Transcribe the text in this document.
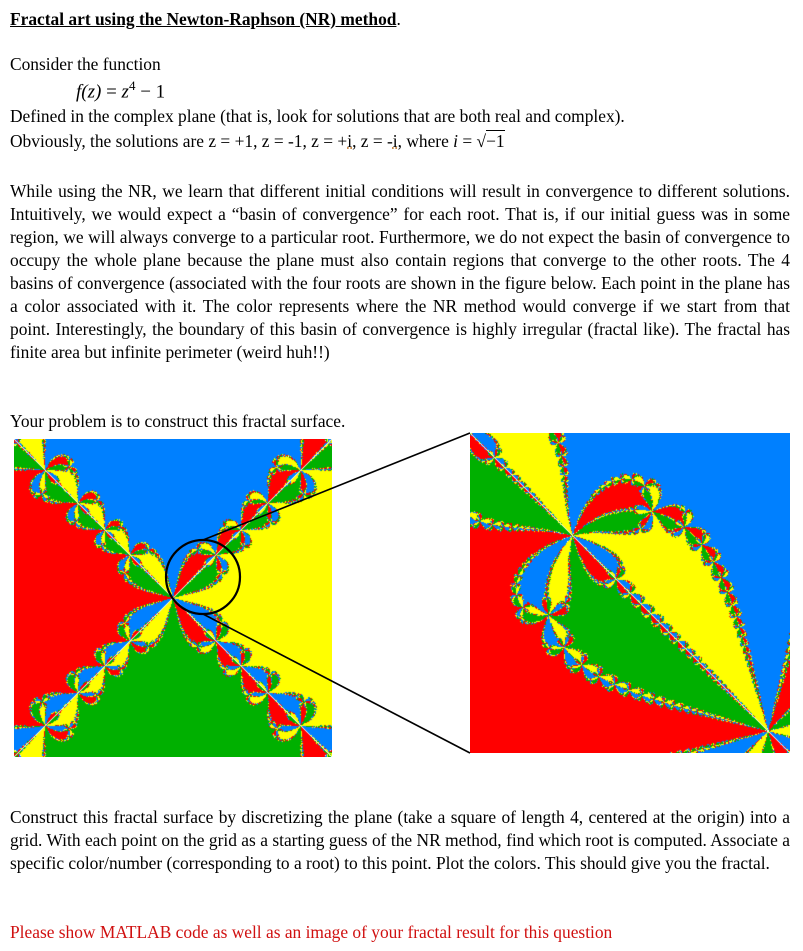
Fractal art using the Newton-Raphson (NR) method.

Consider the function

$f(z) = z^4 - 1$

Defined in the complex plane (that is, look for solutions that are both real and complex).

Obviously, the solutions are z = +1, z = -1, z = +i, z = -i, where i = √−1

While using the NR, we learn that different initial conditions will result in convergence to different solutions. Intuitively, we would expect a “basin of convergence” for each root. That is, if our initial guess was in some region, we will always converge to a particular root. Furthermore, we do not expect the basin of convergence to occupy the whole plane because the plane must also contain regions that converge to the other roots. The 4 basins of convergence (associated with the four roots are shown in the figure below. Each point in the plane has a color associated with it. The color represents where the NR method would converge if we start from that point. Interestingly, the boundary of this basin of convergence is highly irregular (fractal like). The fractal has finite area but infinite perimeter (weird huh!!)

Your problem is to construct this fractal surface.

Construct this fractal surface by discretizing the plane (take a square of length 4, centered at the origin) into a grid. With each point on the grid as a starting guess of the NR method, find which root is computed. Associate a specific color/number (corresponding to a root) to this point. Plot the colors. This should give you the fractal.

Please show MATLAB code as well as an image of your fractal result for this question
